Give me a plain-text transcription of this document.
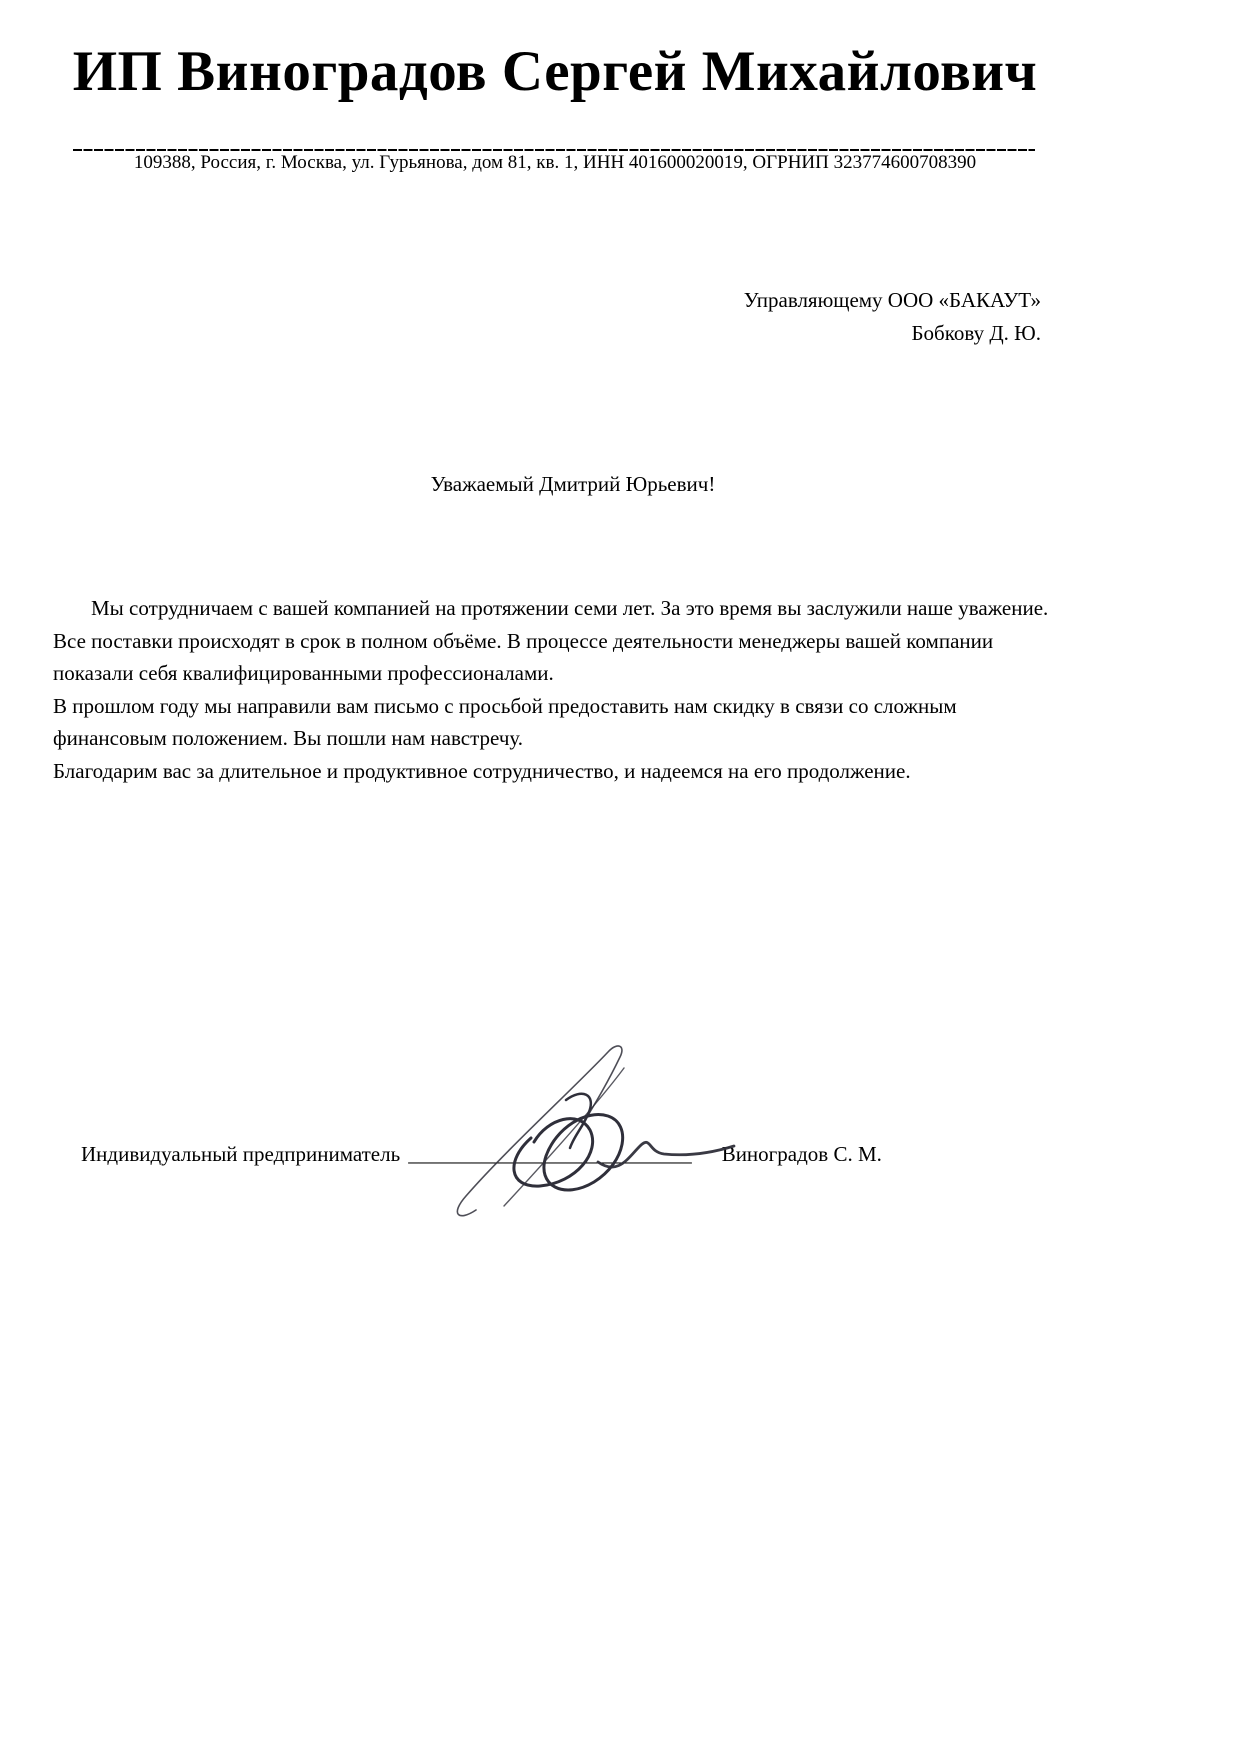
ИП Виноградов Сергей Михайлович
109388, Россия, г. Москва, ул. Гурьянова, дом 81, кв. 1, ИНН 401600020019, ОГРНИП 323774600708390
Управляющему ООО «БАКАУТ»
Бобкову Д. Ю.
Уважаемый Дмитрий Юрьевич!

Мы сотрудничаем с вашей компанией на протяжении семи лет. За это время вы заслужили наше уважение. Все поставки происходят в срок в полном объёме. В процессе деятельности менеджеры вашей компании показали себя квалифицированными профессионалами.

В прошлом году мы направили вам письмо с просьбой предоставить нам скидку в связи со сложным финансовым положением. Вы пошли нам навстречу.

Благодарим вас за длительное и продуктивное сотрудничество, и надеемся на его продолжение.

Индивидуальный предприниматель ___________________________ Виноградов С. М.
